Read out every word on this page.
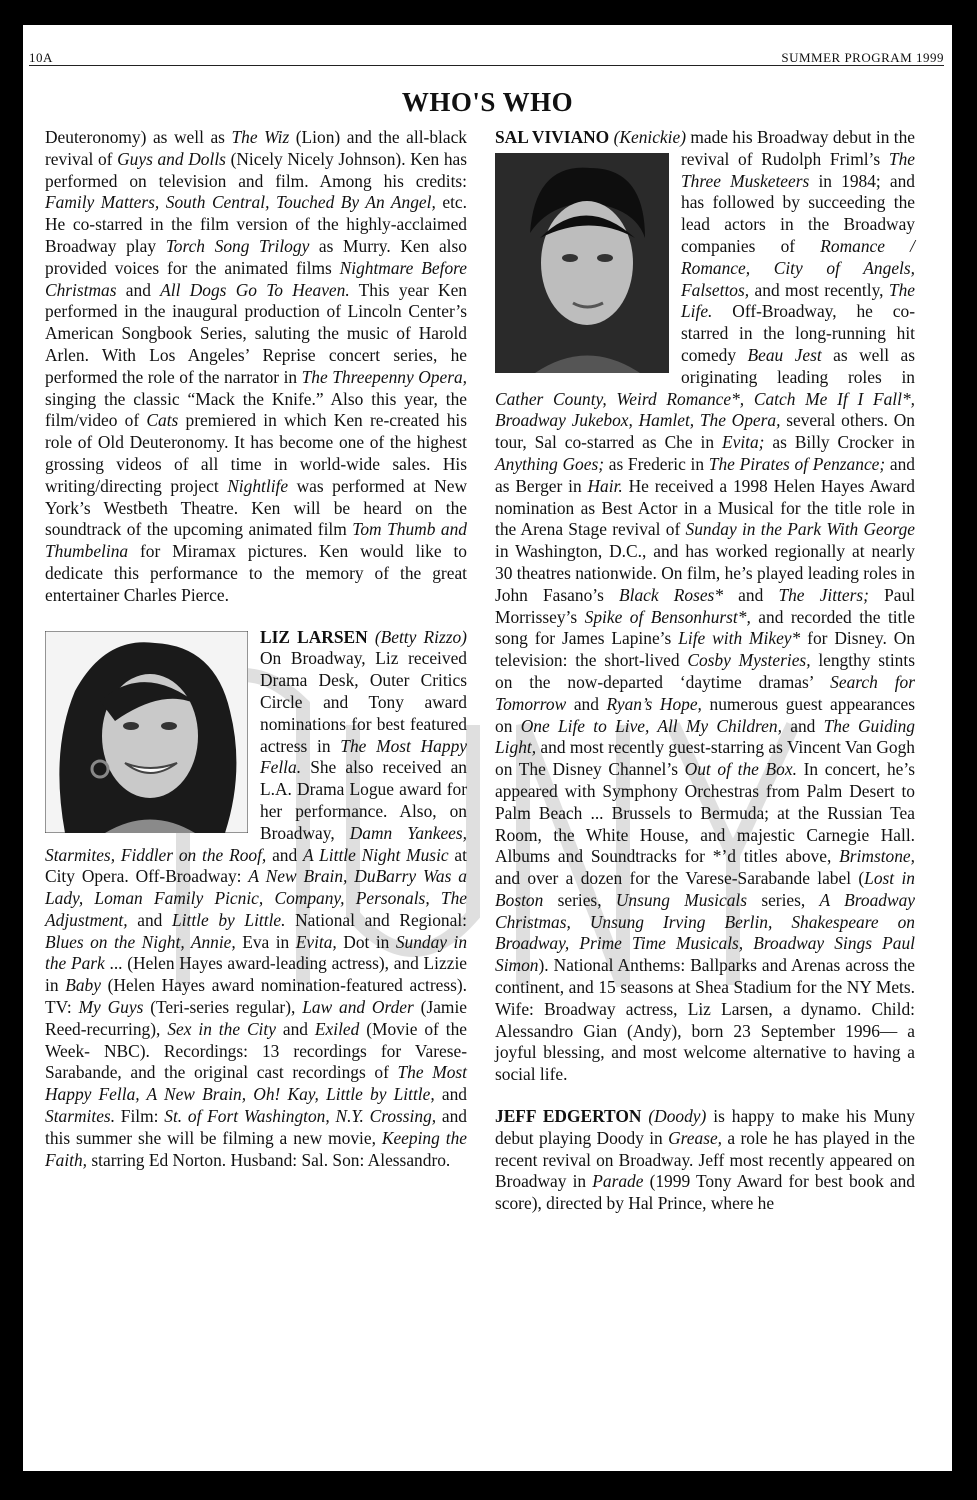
10A	SUMMER PROGRAM 1999
WHO'S WHO

Deuteronomy) as well as The Wiz (Lion) and the all-black revival of Guys and Dolls (Nicely Nicely Johnson). Ken has performed on television and film. Among his credits: Family Matters, South Central, Touched By An Angel, etc. He co-starred in the film version of the highly-acclaimed Broadway play Torch Song Trilogy as Murry. Ken also provided voices for the animated films Nightmare Before Christmas and All Dogs Go To Heaven. This year Ken performed in the inaugural production of Lincoln Center’s American Songbook Series, saluting the music of Harold Arlen. With Los Angeles’ Reprise concert series, he performed the role of the narrator in The Threepenny Opera, singing the classic “Mack the Knife.” Also this year, the film/video of Cats premiered in which Ken re-created his role of Old Deuteronomy. It has become one of the highest grossing videos of all time in world-wide sales. His writing/directing project Nightlife was performed at New York’s Westbeth Theatre. Ken will be heard on the soundtrack of the upcoming animated film Tom Thumb and Thumbelina for Miramax pictures. Ken would like to dedicate this performance to the memory of the great entertainer Charles Pierce.

LIZ LARSEN
(Betty Rizzo) On Broadway, Liz received Drama Desk, Outer Critics Circle and Tony award nominations for best featured actress in The Most Happy Fella. She also received an L.A. Drama Logue award for her performance. Also, on Broadway, Damn Yankees, Starmites, Fiddler on the Roof, and A Little Night Music at City Opera. Off-Broadway: A New Brain, DuBarry Was a Lady, Loman Family Picnic, Company, Personals, The Adjustment, and Little by Little. National and Regional: Blues on the Night, Annie, Eva in Evita, Dot in Sunday in the Park ... (Helen Hayes award-leading actress), and Lizzie in Baby (Helen Hayes award nomination-featured actress). TV: My Guys (Teri-series regular), Law and Order (Jamie Reed-recurring), Sex in the City and Exiled (Movie of the Week- NBC). Recordings: 13 recordings for Varese-Sarabande, and the original cast recordings of The Most Happy Fella, A New Brain, Oh! Kay, Little by Little, and Starmites. Film: St. of Fort Washington, N.Y. Crossing, and this summer she will be filming a new movie, Keeping the Faith, starring Ed Norton. Husband: Sal. Son: Alessandro.

SAL VIVIANO (Kenickie) made his Broadway debut in the revival of Rudolph Friml’s
The Three Musketeers in 1984; and has followed by succeeding the lead actors in the Broadway companies of Romance / Romance, City of Angels, Falsettos, and most recently, The Life. Off-Broadway, he co-starred in the long-running hit comedy Beau Jest as well as originating leading roles in Cather County, Weird Romance*, Catch Me If I Fall*, Broadway Jukebox, Hamlet, The Opera, several others. On tour, Sal co-starred as Che in Evita; as Billy Crocker in Anything Goes; as Frederic in The Pirates of Penzance; and as Berger in Hair. He received a 1998 Helen Hayes Award nomination as Best Actor in a Musical for the title role in the Arena Stage revival of Sunday in the Park With George in Washington, D.C., and has worked regionally at nearly 30 theatres nationwide. On film, he’s played leading roles in John Fasano’s Black Roses* and The Jitters; Paul Morrissey’s Spike of Bensonhurst*, and recorded the title song for James Lapine’s Life with Mikey* for Disney. On television: the short-lived Cosby Mysteries, lengthy stints on the now-departed ‘daytime dramas’ Search for Tomorrow and Ryan’s Hope, numerous guest appearances on One Life to Live, All My Children, and The Guiding Light, and most recently guest-starring as Vincent Van Gogh on The Disney Channel’s Out of the Box. In concert, he’s appeared with Symphony Orchestras from Palm Desert to Palm Beach ... Brussels to Bermuda; at the Russian Tea Room, the White House, and majestic Carnegie Hall. Albums and Soundtracks for *’d titles above, Brimstone, and over a dozen for the Varese-Sarabande label (Lost in Boston series, Unsung Musicals series, A Broadway Christmas, Unsung Irving Berlin, Shakespeare on Broadway, Prime Time Musicals, Broadway Sings Paul Simon). National Anthems: Ballparks and Arenas across the continent, and 15 seasons at Shea Stadium for the NY Mets. Wife: Broadway actress, Liz Larsen, a dynamo. Child: Alessandro Gian (Andy), born 23 September 1996— a joyful blessing, and most welcome alternative to having a social life.

JEFF EDGERTON (Doody) is happy to make his Muny debut playing Doody in Grease, a role he has played in the recent revival on Broadway. Jeff most recently appeared on Broadway in Parade (1999 Tony Award for best book and score), directed by Hal Prince, where he
